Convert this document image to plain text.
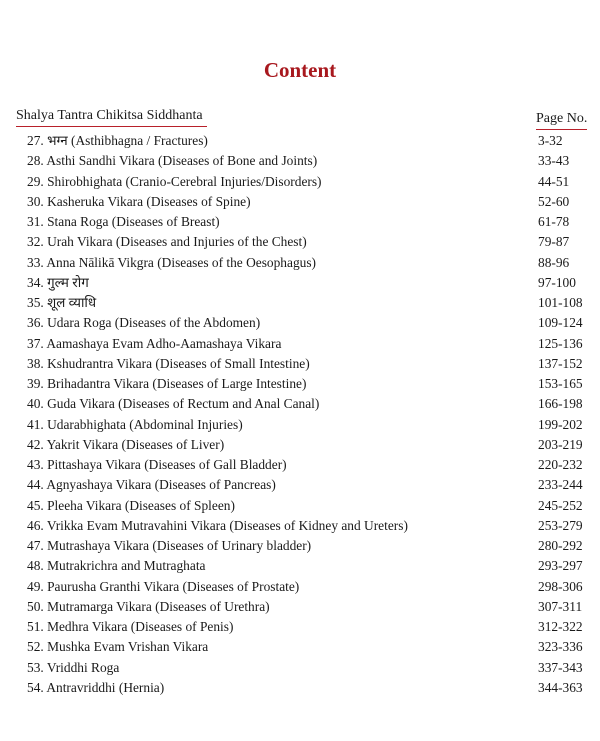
Content
Shalya Tantra Chikitsa Siddhanta	Page No.
27. भग्न (Asthibhagna / Fractures)	3-32
28. Asthi Sandhi Vikara (Diseases of Bone and Joints)	33-43
29. Shirobhighata (Cranio-Cerebral Injuries/Disorders)	44-51
30. Kasheruka Vikara (Diseases of Spine)	52-60
31. Stana Roga (Diseases of Breast)	61-78
32. Urah Vikara (Diseases and Injuries of the Chest)	79-87
33. Anna Nālikā Vikgra (Diseases of the Oesophagus)	88-96
34. गुल्म रोग	97-100
35. शूल व्याधि	101-108
36. Udara Roga (Diseases of the Abdomen)	109-124
37. Aamashaya Evam Adho-Aamashaya Vikara	125-136
38. Kshudrantra Vikara (Diseases of Small Intestine)	137-152
39. Brihadantra Vikara (Diseases of Large Intestine)	153-165
40. Guda Vikara (Diseases of Rectum and Anal Canal)	166-198
41. Udarabhighata (Abdominal Injuries)	199-202
42. Yakrit Vikara (Diseases of Liver)	203-219
43. Pittashaya Vikara (Diseases of Gall Bladder)	220-232
44. Agnyashaya Vikara (Diseases of Pancreas)	233-244
45. Pleeha Vikara (Diseases of Spleen)	245-252
46. Vrikka Evam Mutravahini Vikara (Diseases of Kidney and Ureters)	253-279
47. Mutrashaya Vikara (Diseases of Urinary bladder)	280-292
48. Mutrakrichra and Mutraghata	293-297
49. Paurusha Granthi Vikara (Diseases of Prostate)	298-306
50. Mutramarga Vikara (Diseases of Urethra)	307-311
51. Medhra Vikara (Diseases of Penis)	312-322
52. Mushka Evam Vrishan Vikara	323-336
53. Vriddhi Roga	337-343
54. Antravriddhi (Hernia)	344-363
